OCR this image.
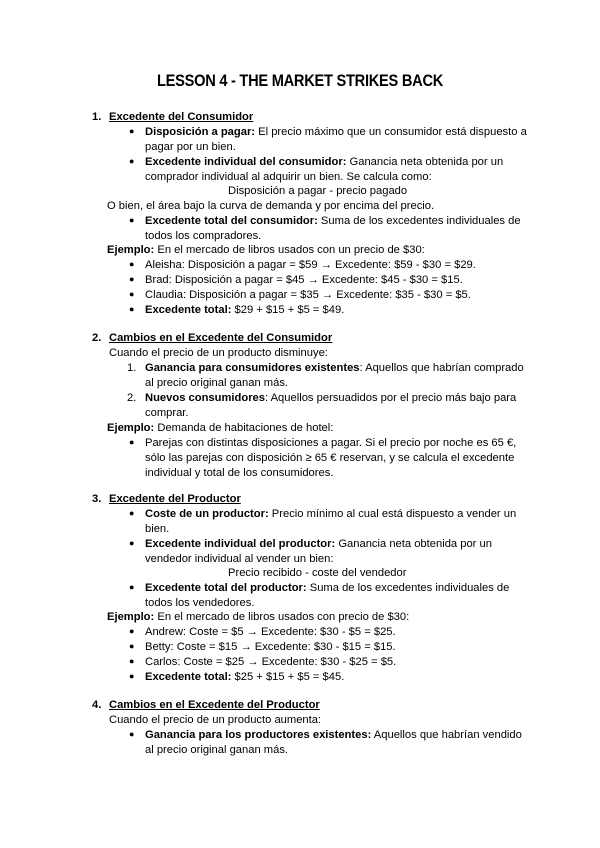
LESSON 4 - THE MARKET STRIKES BACK
1. Excedente del Consumidor
● Disposición a pagar: El precio máximo que un consumidor está dispuesto a
pagar por un bien.
● Excedente individual del consumidor: Ganancia neta obtenida por un
comprador individual al adquirir un bien. Se calcula como:
Disposición a pagar - precio pagado
O bien, el área bajo la curva de demanda y por encima del precio.
● Excedente total del consumidor: Suma de los excedentes individuales de
todos los compradores.
Ejemplo: En el mercado de libros usados con un precio de $30:
● Aleisha: Disposición a pagar = $59 → Excedente: $59 - $30 = $29.
● Brad: Disposición a pagar = $45 → Excedente: $45 - $30 = $15.
● Claudia: Disposición a pagar = $35 → Excedente: $35 - $30 = $5.
● Excedente total: $29 + $15 + $5 = $49.
2. Cambios en el Excedente del Consumidor
Cuando el precio de un producto disminuye:
1. Ganancia para consumidores existentes: Aquellos que habrían comprado
al precio original ganan más.
2. Nuevos consumidores: Aquellos persuadidos por el precio más bajo para
comprar.
Ejemplo: Demanda de habitaciones de hotel:
● Parejas con distintas disposiciones a pagar. Si el precio por noche es 65 €,
sólo las parejas con disposición ≥ 65 € reservan, y se calcula el excedente
individual y total de los consumidores.
3. Excedente del Productor
● Coste de un productor: Precio mínimo al cual está dispuesto a vender un
bien.
● Excedente individual del productor: Ganancia neta obtenida por un
vendedor individual al vender un bien:
Precio recibido - coste del vendedor
● Excedente total del productor: Suma de los excedentes individuales de
todos los vendedores.
Ejemplo: En el mercado de libros usados con precio de $30:
● Andrew: Coste = $5 → Excedente: $30 - $5 = $25.
● Betty: Coste = $15 → Excedente: $30 - $15 = $15.
● Carlos: Coste = $25 → Excedente: $30 - $25 = $5.
● Excedente total: $25 + $15 + $5 = $45.
4. Cambios en el Excedente del Productor
Cuando el precio de un producto aumenta:
● Ganancia para los productores existentes: Aquellos que habrían vendido
al precio original ganan más.
